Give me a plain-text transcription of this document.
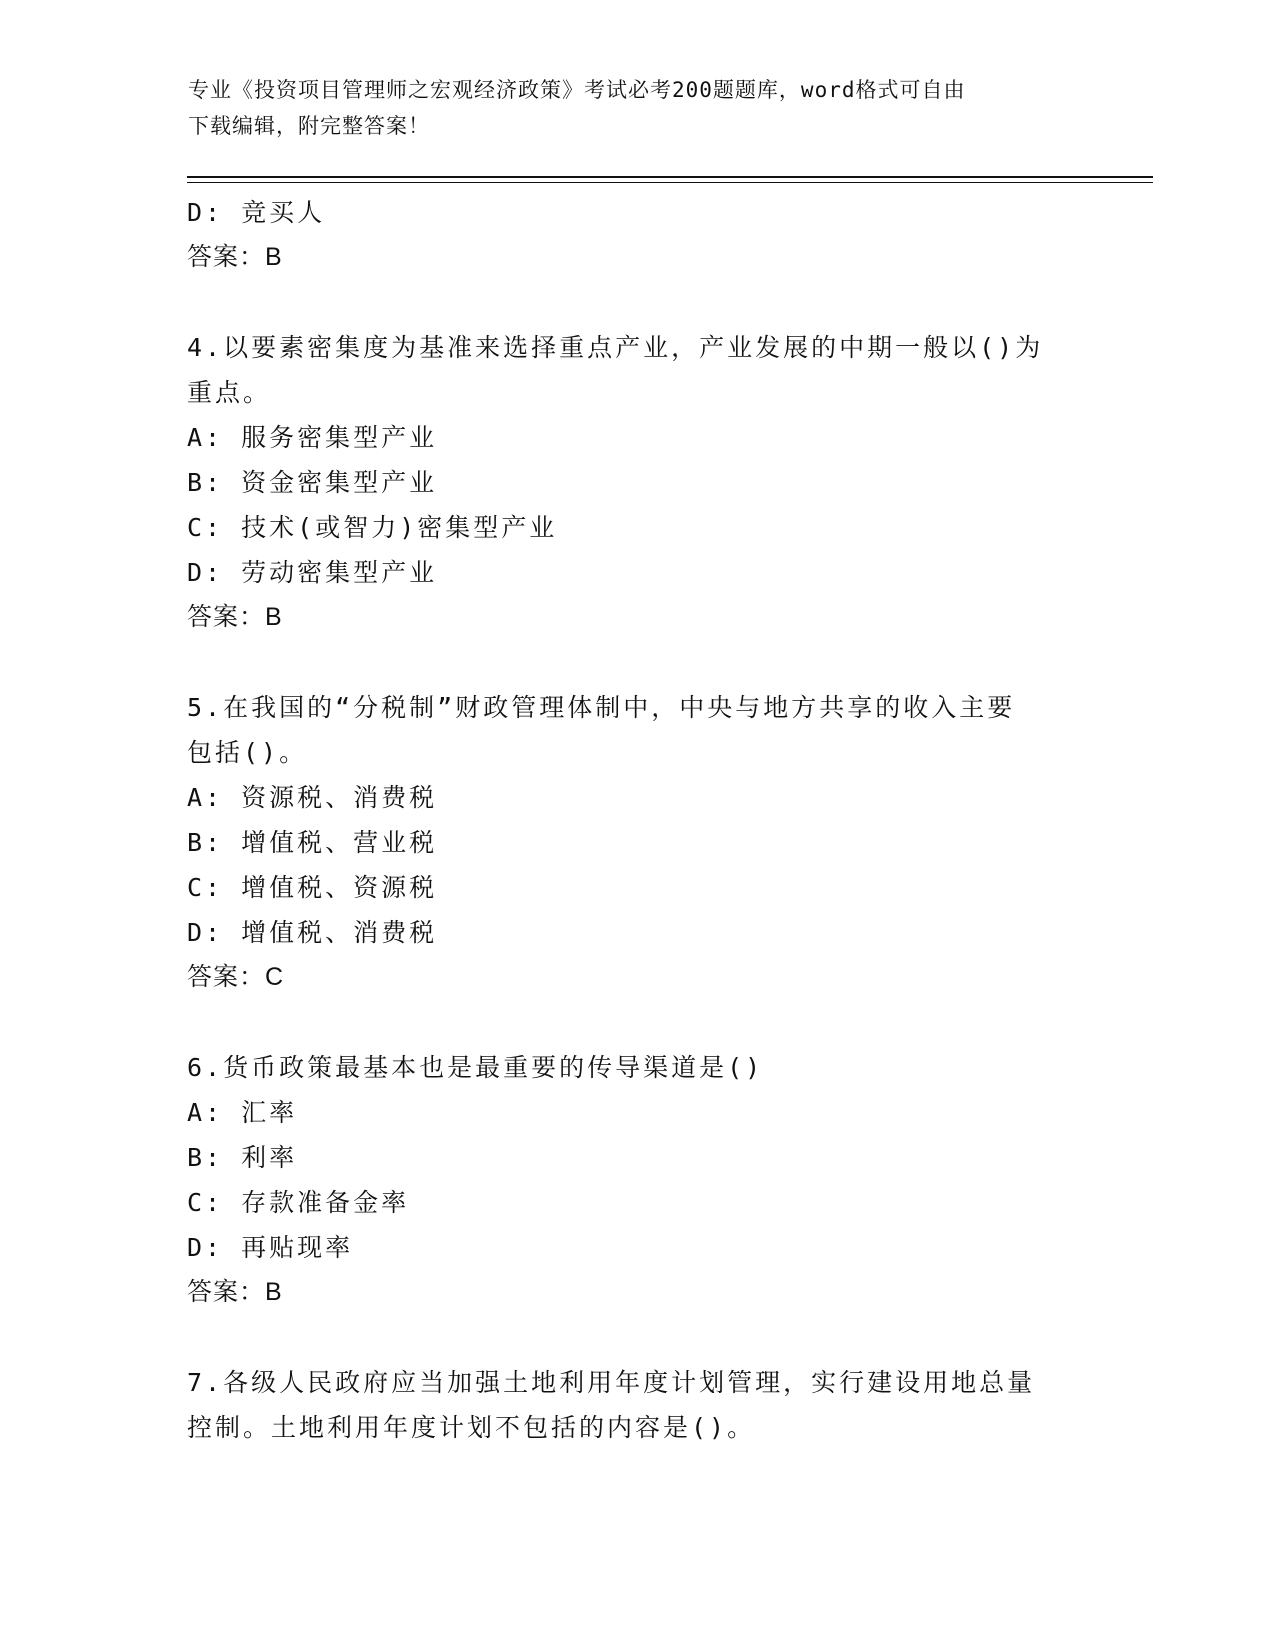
专业《投资项目管理师之宏观经济政策》考试必考200题题库，word格式可自由
下载编辑，附完整答案！
D: 竞买人
答案：B
4.以要素密集度为基准来选择重点产业，产业发展的中期一般以()为
重点。
A: 服务密集型产业
B: 资金密集型产业
C: 技术(或智力)密集型产业
D: 劳动密集型产业
答案：B
5.在我国的“分税制”财政管理体制中，中央与地方共享的收入主要
包括()。
A: 资源税、消费税
B: 增值税、营业税
C: 增值税、资源税
D: 增值税、消费税
答案：C
6.货币政策最基本也是最重要的传导渠道是()
A: 汇率
B: 利率
C: 存款准备金率
D: 再贴现率
答案：B
7.各级人民政府应当加强土地利用年度计划管理，实行建设用地总量
控制。土地利用年度计划不包括的内容是()。
